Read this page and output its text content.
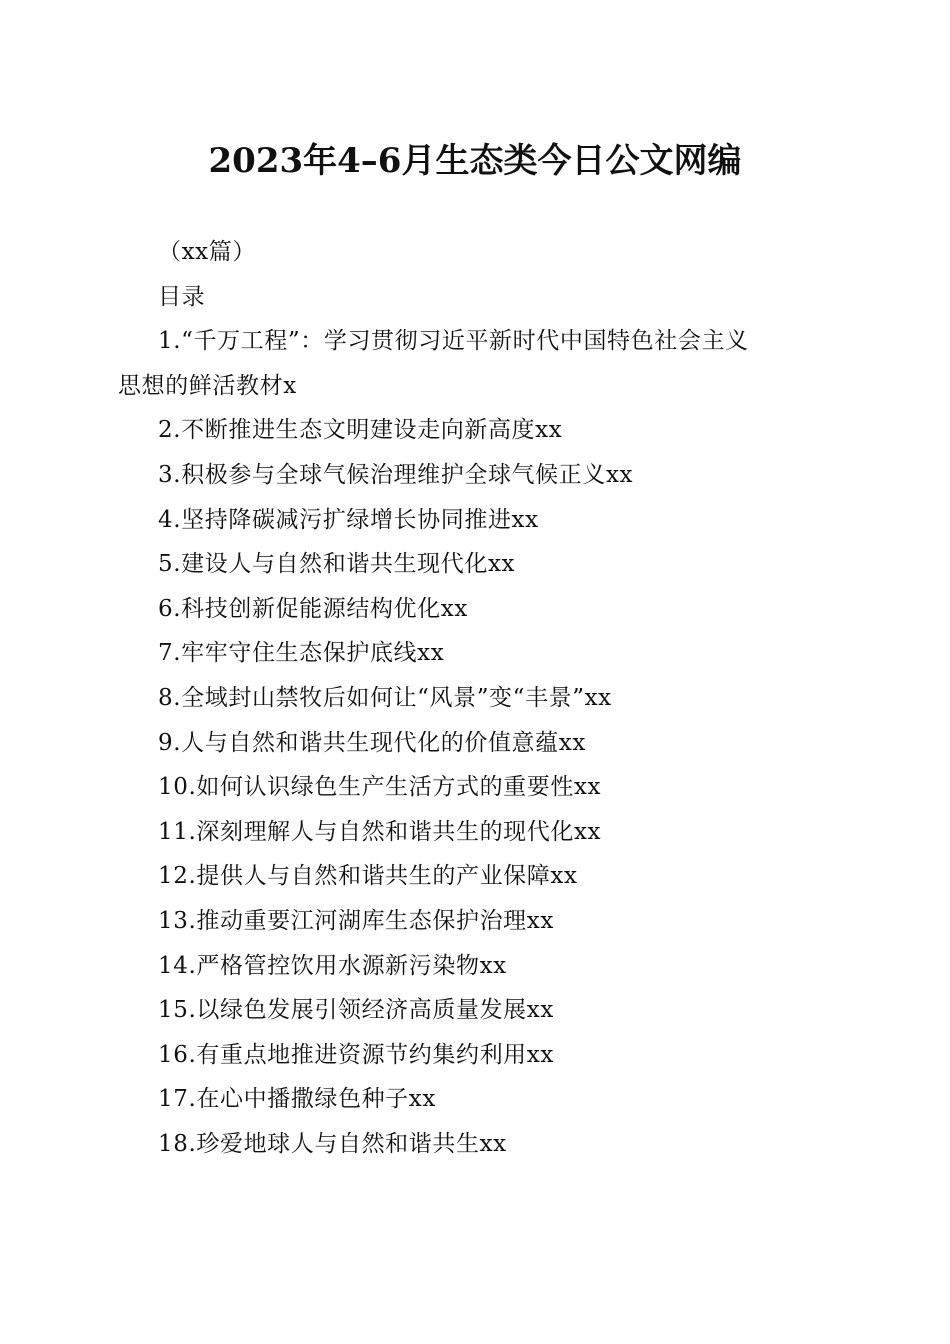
2023年4–6月生态类今日公文网编
（xx篇）
目录
1.“千万工程”：学习贯彻习近平新时代中国特色社会主义
思想的鲜活教材x
2.不断推进生态文明建设走向新高度xx
3.积极参与全球气候治理维护全球气候正义xx
4.坚持降碳减污扩绿增长协同推进xx
5.建设人与自然和谐共生现代化xx
6.科技创新促能源结构优化xx
7.牢牢守住生态保护底线xx
8.全域封山禁牧后如何让“风景”变“丰景”xx
9.人与自然和谐共生现代化的价值意蕴xx
10.如何认识绿色生产生活方式的重要性xx
11.深刻理解人与自然和谐共生的现代化xx
12.提供人与自然和谐共生的产业保障xx
13.推动重要江河湖库生态保护治理xx
14.严格管控饮用水源新污染物xx
15.以绿色发展引领经济高质量发展xx
16.有重点地推进资源节约集约利用xx
17.在心中播撒绿色种子xx
18.珍爱地球人与自然和谐共生xx
